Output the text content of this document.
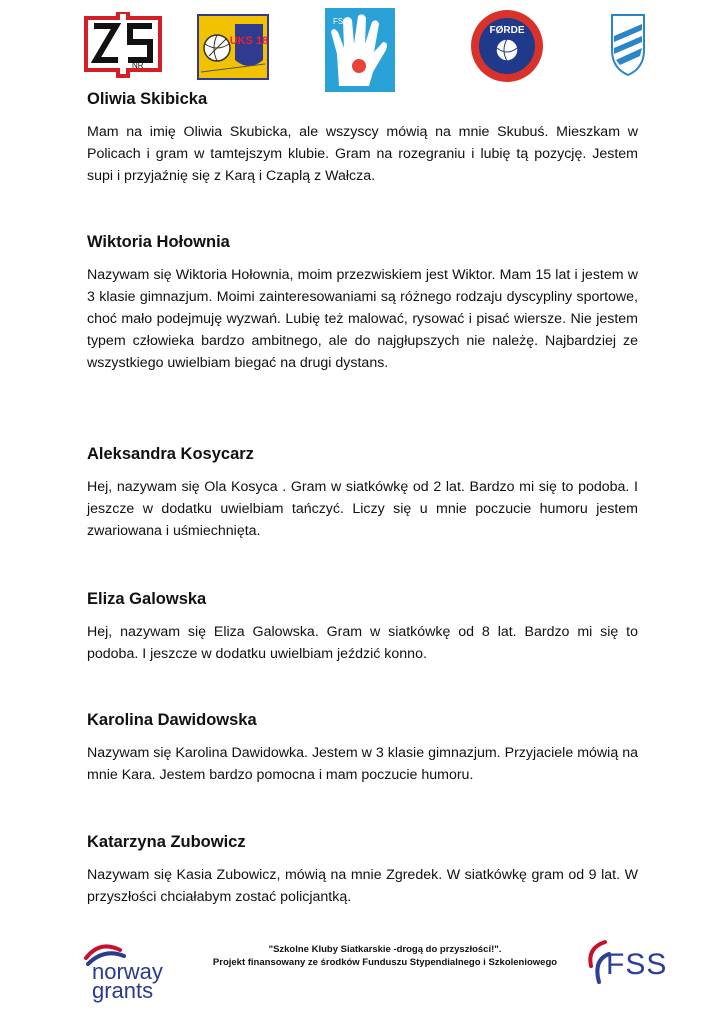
NR
UKS 18
FSS
FØRDE
Oliwia Skibicka

Mam na imię Oliwia Skubicka, ale wszyscy mówią na mnie Skubuś. Mieszkam w Policach i gram w tamtejszym klubie. Gram na rozegraniu i lubię tą pozycję. Jestem supi i przyjaźnię się z Karą i Czaplą z Wałcza.

Wiktoria Hołownia

Nazywam się Wiktoria Hołownia, moim przezwiskiem jest Wiktor. Mam 15 lat i jestem w 3 klasie gimnazjum. Moimi zainteresowaniami są różnego rodzaju dyscypliny sportowe, choć mało podejmuję wyzwań. Lubię też malować, rysować i pisać wiersze. Nie jestem typem człowieka bardzo ambitnego, ale do najgłupszych nie należę. Najbardziej ze wszystkiego uwielbiam biegać na drugi dystans.

Aleksandra Kosycarz

Hej, nazywam się Ola Kosyca . Gram w siatkówkę od 2 lat. Bardzo mi się to podoba. I jeszcze w dodatku uwielbiam tańczyć. Liczy się u mnie poczucie humoru jestem zwariowana i uśmiechnięta.

Eliza Galowska

Hej, nazywam się Eliza Galowska. Gram w siatkówkę od 8 lat. Bardzo mi się to podoba. I jeszcze w dodatku uwielbiam jeździć konno.

Karolina Dawidowska

Nazywam się Karolina Dawidowka. Jestem w 3 klasie gimnazjum. Przyjaciele mówią na mnie Kara. Jestem bardzo pomocna i mam poczucie humoru.

Katarzyna Zubowicz

Nazywam się Kasia Zubowicz, mówią na mnie Zgredek. W siatkówkę gram od 9 lat. W przyszłości chciałabym zostać policjantką.

norway
grants
"Szkolne Kluby Siatkarskie -drogą do przyszłości!".
Projekt finansowany ze środków Funduszu Stypendialnego i Szkoleniowego	FSS
